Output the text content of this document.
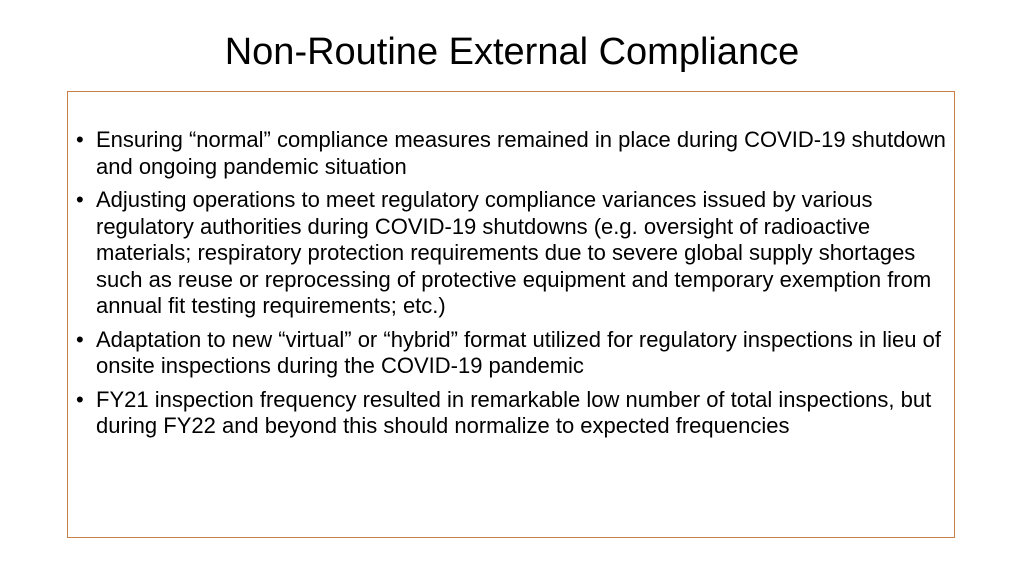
Non-Routine External Compliance
• Ensuring “normal” compliance measures remained in place during COVID-19 shutdown and ongoing pandemic situation
• Adjusting operations to meet regulatory compliance variances issued by various regulatory authorities during COVID-19 shutdowns (e.g. oversight of radioactive materials; respiratory protection requirements due to severe global supply shortages such as reuse or reprocessing of protective equipment and temporary exemption from annual fit testing requirements; etc.)
• Adaptation to new “virtual” or “hybrid” format utilized for regulatory inspections in lieu of onsite inspections during the COVID-19 pandemic
• FY21 inspection frequency resulted in remarkable low number of total inspections, but during FY22 and beyond this should normalize to expected frequencies
